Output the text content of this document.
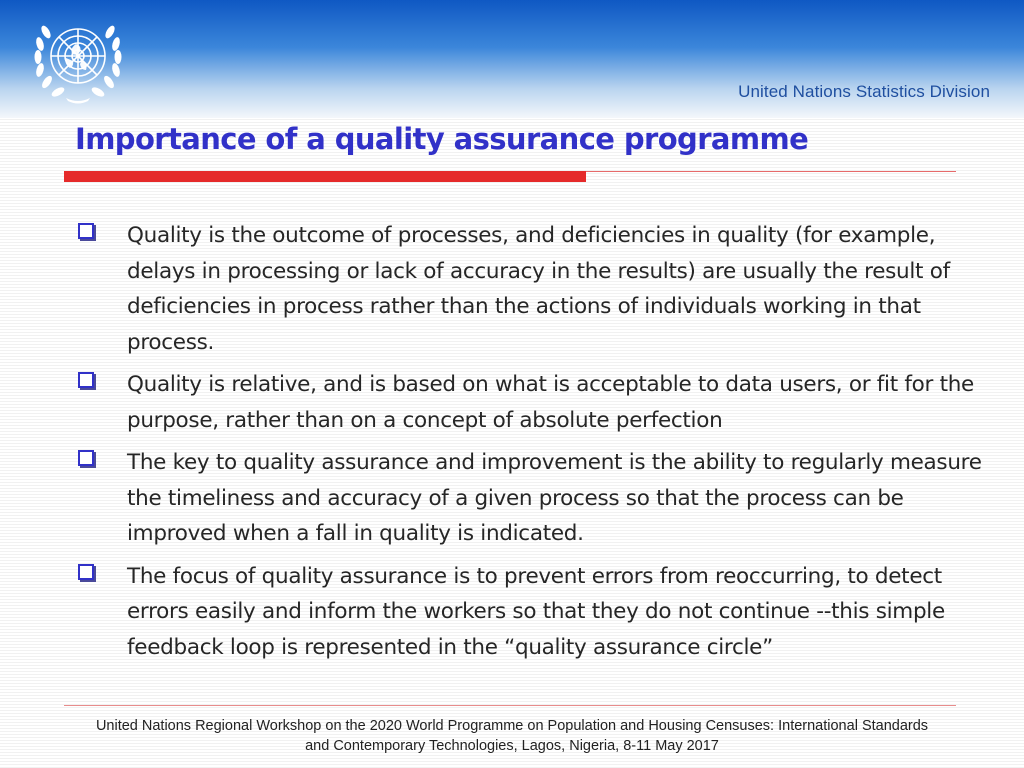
United Nations Statistics Division

Importance of a quality assurance programme

Quality is the outcome of processes, and deficiencies in quality (for example, delays in processing or lack of accuracy in the results) are usually the result of deficiencies in process rather than the actions of individuals working in that process.

Quality is relative, and is based on what is acceptable to data users, or fit for the purpose, rather than on a concept of absolute perfection

The key to quality assurance and improvement is the ability to regularly measure the timeliness and accuracy of a given process so that the process can be improved when a fall in quality is indicated.

The focus of quality assurance is to prevent errors from reoccurring, to detect errors easily and inform the workers so that they do not continue --this simple feedback loop is represented in the “quality assurance circle”

United Nations Regional Workshop on the 2020 World Programme on Population and Housing Censuses: International Standards
and Contemporary Technologies, Lagos, Nigeria, 8-11 May 2017
